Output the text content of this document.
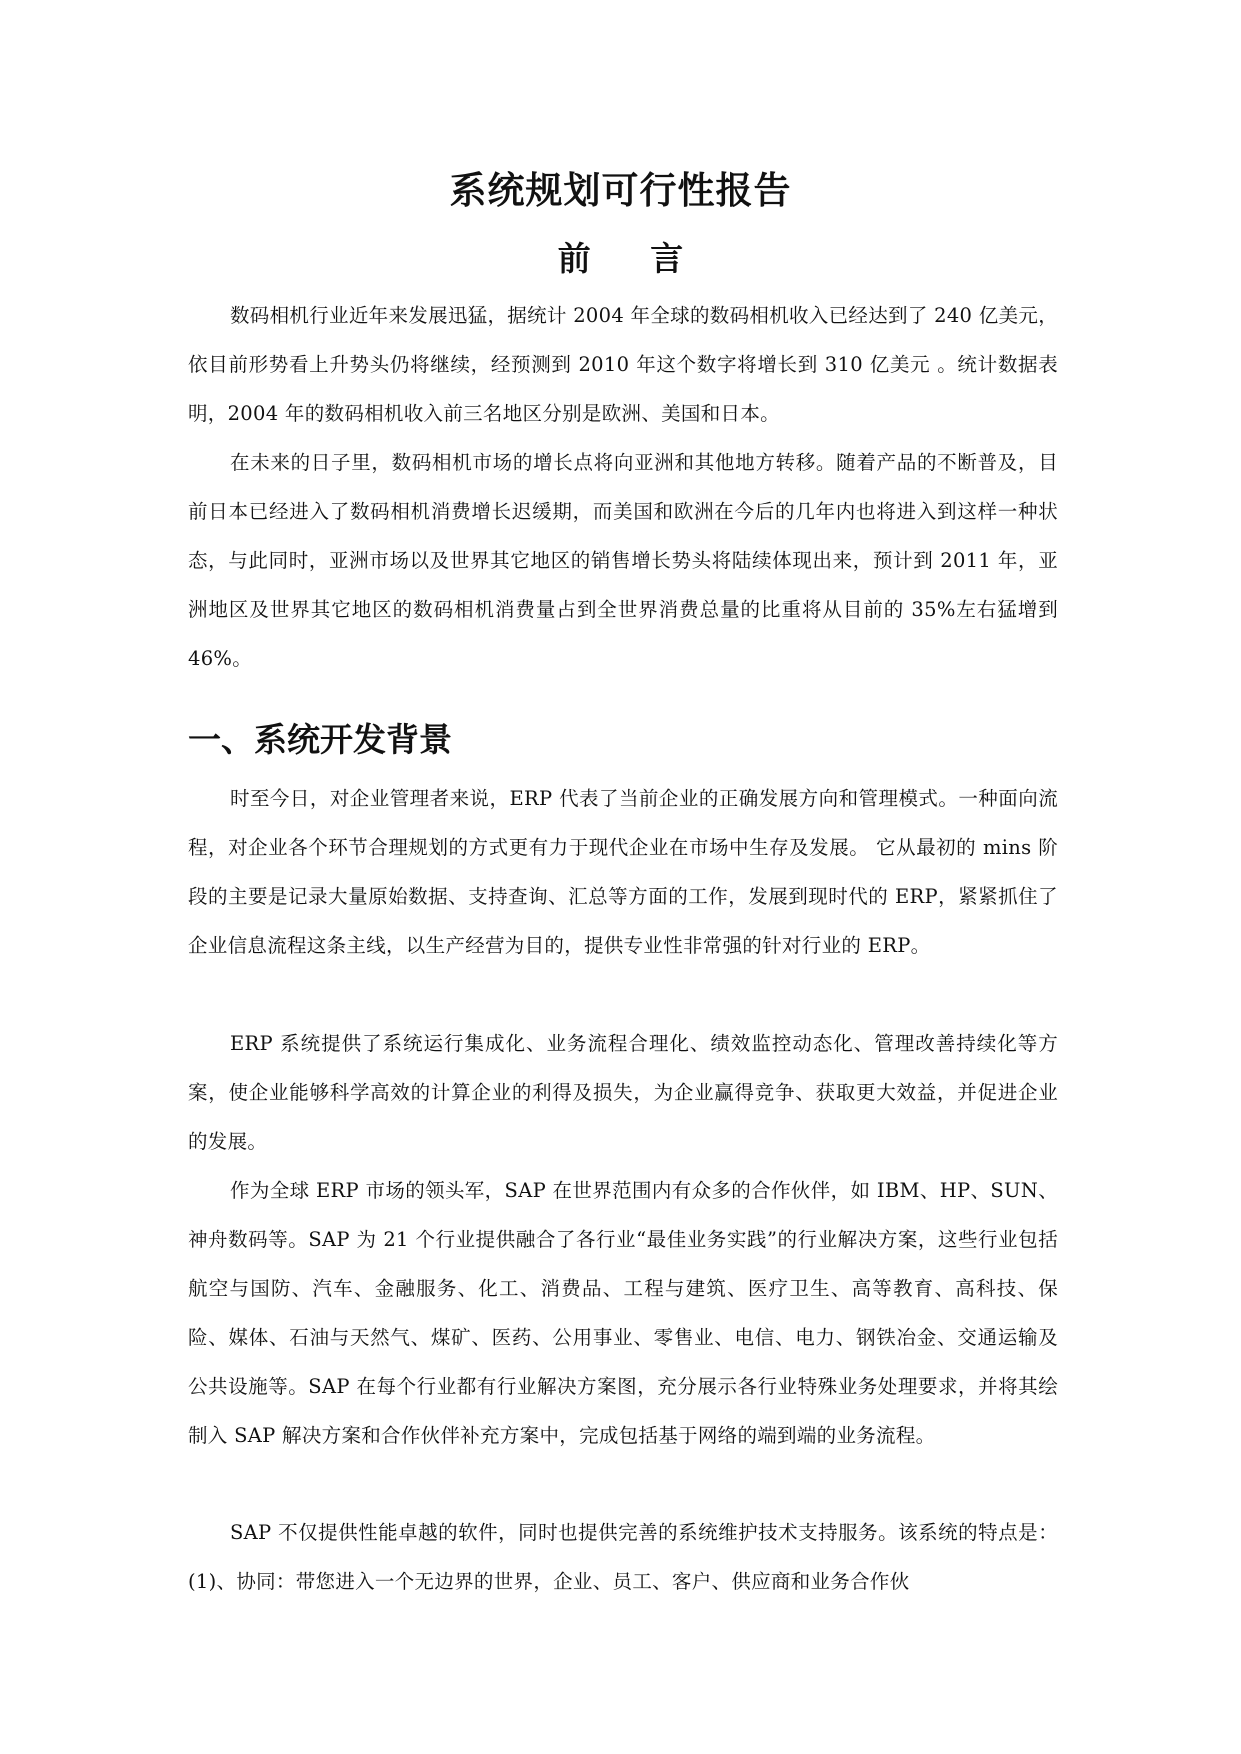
系统规划可行性报告
前 言

数码相机行业近年来发展迅猛，据统计 2004 年全球的数码相机收入已经达到了 240 亿美元， 依目前形势看上升势头仍将继续，经预测到 2010 年这个数字将增长到 310 亿美元 。统计数据表明，2004 年的数码相机收入前三名地区分别是欧洲、美国和日本。

在未来的日子里，数码相机市场的增长点将向亚洲和其他地方转移。随着产品的不断普及，目前日本已经进入了数码相机消费增长迟缓期，而美国和欧洲在今后的几年内也将进入到这样一种状态，与此同时，亚洲市场以及世界其它地区的销售增长势头将陆续体现出来，预计到 2011 年，亚洲地区及世界其它地区的数码相机消费量占到全世界消费总量的比重将从目前的 35%左右猛增到 46%。

一、系统开发背景

时至今日，对企业管理者来说，ERP 代表了当前企业的正确发展方向和管理模式。一种面向流程，对企业各个环节合理规划的方式更有力于现代企业在市场中生存及发展。 它从最初的 mins 阶段的主要是记录大量原始数据、支持查询、汇总等方面的工作，发展到现时代的 ERP，紧紧抓住了企业信息流程这条主线，以生产经营为目的，提供专业性非常强的针对行业的 ERP。

ERP 系统提供了系统运行集成化、业务流程合理化、绩效监控动态化、管理改善持续化等方案，使企业能够科学高效的计算企业的利得及损失，为企业赢得竞争、获取更大效益，并促进企业的发展。

作为全球 ERP 市场的领头军，SAP 在世界范围内有众多的合作伙伴，如 IBM、HP、SUN、神舟数码等。SAP 为 21 个行业提供融合了各行业“最佳业务实践”的行业解决方案，这些行业包括航空与国防、汽车、金融服务、化工、消费品、工程与建筑、医疗卫生、高等教育、高科技、保险、媒体、石油与天然气、煤矿、医药、公用事业、零售业、电信、电力、钢铁冶金、交通运输及公共设施等。SAP 在每个行业都有行业解决方案图，充分展示各行业特殊业务处理要求，并将其绘制入 SAP 解决方案和合作伙伴补充方案中，完成包括基于网络的端到端的业务流程。

SAP 不仅提供性能卓越的软件，同时也提供完善的系统维护技术支持服务。该系统的特点是：(1)、协同：带您进入一个无边界的世界，企业、员工、客户、供应商和业务合作伙
